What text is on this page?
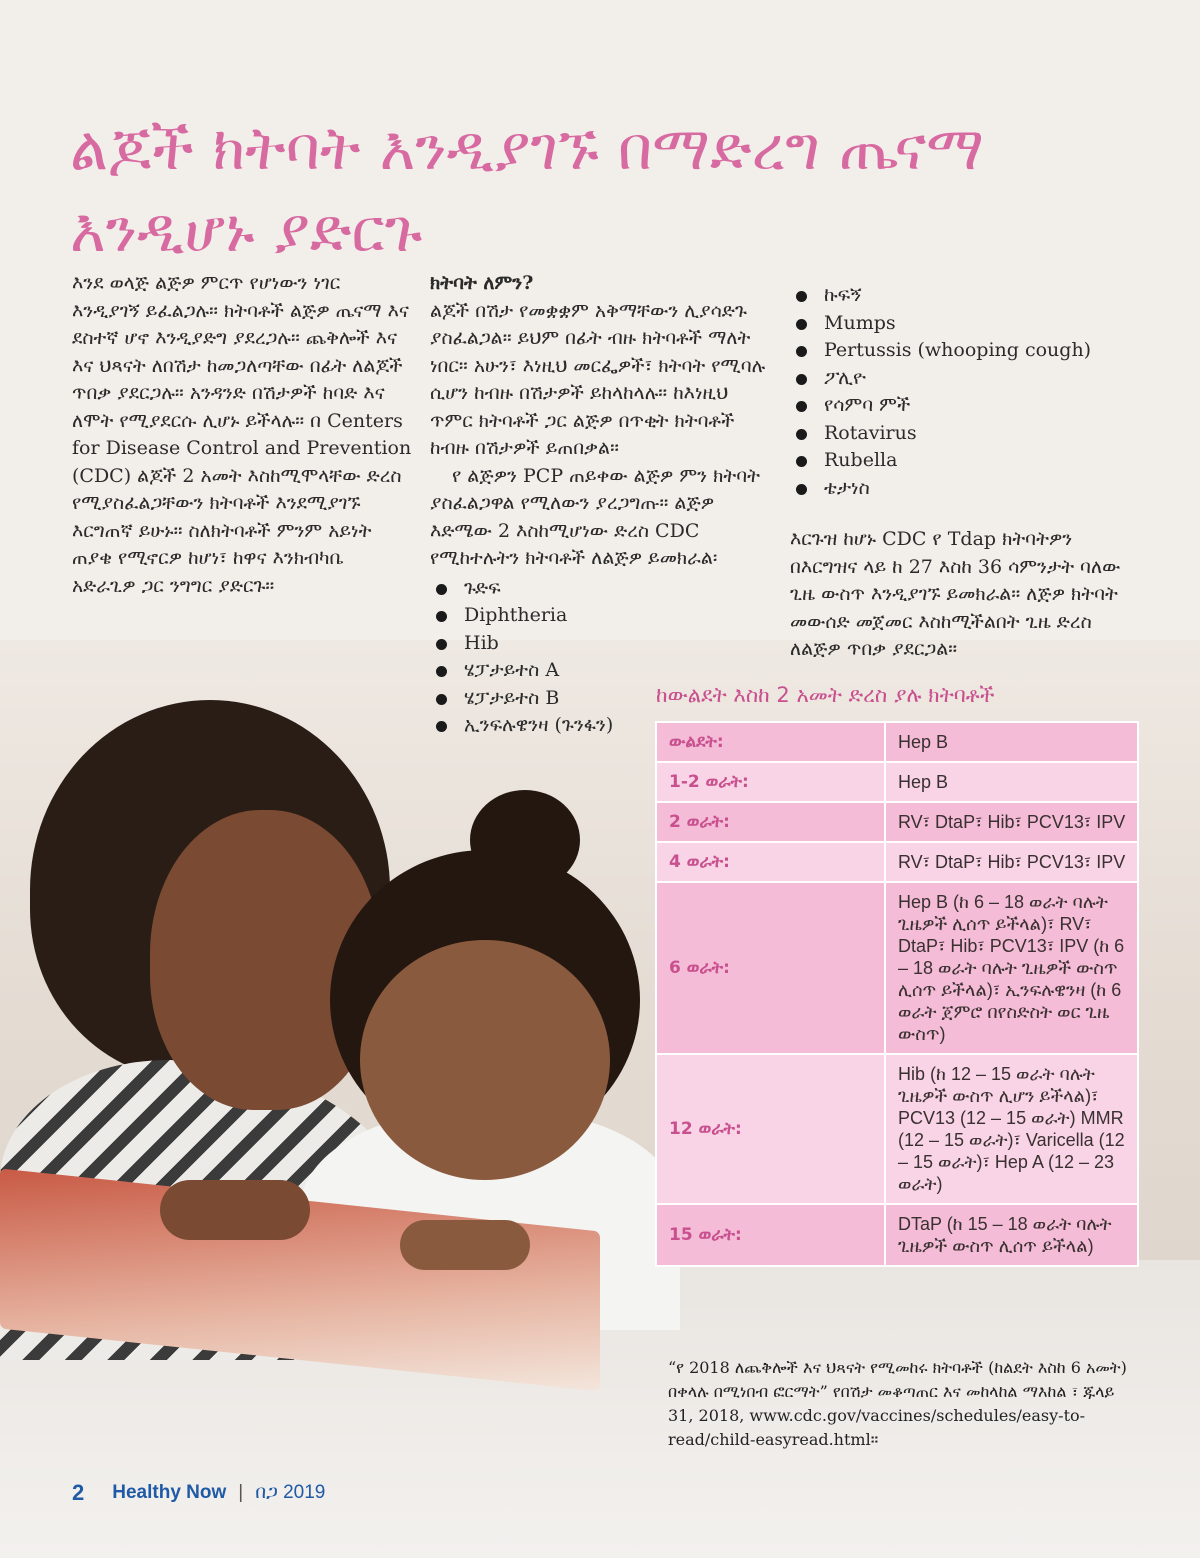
ልጆች ክትባት እንዲያገኙ በማድረግ ጤናማ እንዲሆኑ ያድርጉ

እንደ ወላጅ ልጅዎ ምርጥ የሆነውን ነገር እንዲያገኝ ይፈልጋሉ። ክትባቶች ልጅዎ ጤናማ እና ደስተኛ ሆኖ እንዲያድግ ያደረጋሉ። ጨቅሎች እና እና ህጻናት ለበሽታ ከመጋለጣቸው በፊት ለልጆች ጥበቃ ያደርጋሉ። አንዳንድ በሽታዎች ከባድ እና ለሞት የሚያደርሱ ሊሆኑ ይችላሉ። በ Centers for Disease Control and Prevention (CDC) ልጆች 2 አመት እስከሚሞላቸው ድረስ የሚያስፈልጋቸውን ክትባቶች እንደሚያገኙ እርግጠኛ ይሁኑ። ስለክትባቶች ምንም አይነት ጠያቄ የሚኖርዎ ከሆነ፣ ከዋና እንክብካቤ አድራጊዎ ጋር ንግግር ያድርጉ።

ክትባት ለምን?

ልጆች በሽታ የመቋቋም አቅማቸውን ሊያሳድጉ ያስፈልጋል። ይህም በፊት ብዙ ክትባቶች ማለት ነበር። አሁን፣ እነዚህ መርፌዎች፣ ክትባት የሚባሉ ሲሆን ከብዙ በሽታዎች ይከላከላሉ። ከእነዚህ ጥምር ክትባቶች ጋር ልጅዎ በጥቂት ክትባቶች ከብዙ በሽታዎች ይጠበቃል።

የ ልጅዎን PCP ጠይቀው ልጅዎ ምን ክትባት ያስፈልጋዋል የሚለውን ያረጋግጡ። ልጅዎ እድሜው 2 እስከሚሆነው ድረስ CDC የሚከተሉትን ክትባቶች ለልጅዎ ይመክራል፡

ጉድፍ
Diphtheria
Hib
ሄፓታይተስ A
ሄፓታይተስ B
ኢንፍሉዌንዛ (ጉንፋን)
ኩፍኝ
Mumps
Pertussis (whooping cough)
ፖሊዮ
የሳምባ ምች
Rotavirus
Rubella
ቴታነስ

እርጉዝ ከሆኑ CDC የ Tdap ክትባትዎን በእርግዝና ላይ ከ 27 እስከ 36 ሳምንታት ባለው ጊዜ ውስጥ እንዲያገኙ ይመክራል። ለጅዎ ክትባት መውሰድ መጀመር እስከሚችልበት ጊዜ ድረስ ለልጅዎ ጥበቃ ያደርጋል።

ከውልደት እስከ 2 አመት ድረስ ያሉ ክትባቶች
ውልደት:	Hep B
1-2 ወራት:	Hep B
2 ወራት:	RV፣ DtaP፣ Hib፣ PCV13፣ IPV
4 ወራት:	RV፣ DtaP፣ Hib፣ PCV13፣ IPV
6 ወራት:	Hep B (ከ 6 – 18 ወራት ባሉት ጊዜዎች ሊሰጥ ይችላል)፣ RV፣ DtaP፣ Hib፣ PCV13፣ IPV (ከ 6 – 18 ወራት ባሉት ጊዜዎች ውስጥ ሊሰጥ ይችላል)፣ ኢንፍሉዌንዛ (ከ 6 ወራት ጀምሮ በየስድስት ወር ጊዜ ውስጥ)
12 ወራት:	Hib (ከ 12 – 15 ወራት ባሉት ጊዜዎች ውስጥ ሊሆን ይችላል)፣ PCV13 (12 – 15 ወራት) MMR (12 – 15 ወራት)፣ Varicella (12 – 15 ወራት)፣ Hep A (12 – 23 ወራት)
15 ወራት:	DTaP (ከ 15 – 18 ወራት ባሉት ጊዜዎች ውስጥ ሊሰጥ ይችላል)
“የ 2018 ለጨቅሎች እና ህጻናት የሚመከሩ ክትባቶች (ከልደት እስከ 6 አመት) በቀላሉ በሚነበብ ፎርማት” የበሽታ መቆጣጠር እና መከላከል ማእከል ፣ ጁላይ 31, 2018, www.cdc.gov/vaccines/schedules/easy-to-read/child-easyread.html።
2 Healthy Now | በጋ 2019
